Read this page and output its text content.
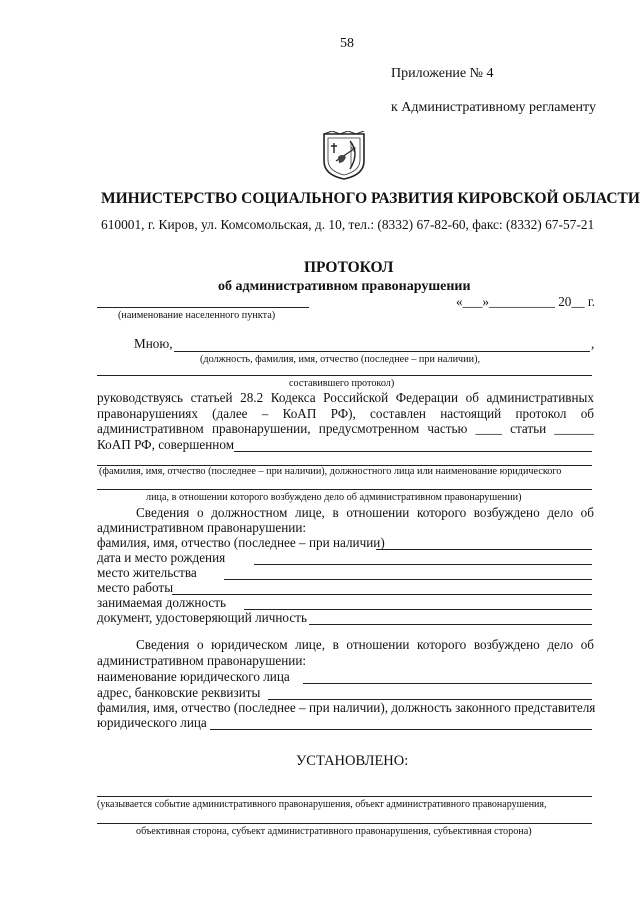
58
Приложение № 4
к Административному регламенту
МИНИСТЕРСТВО СОЦИАЛЬНОГО РАЗВИТИЯ КИРОВСКОЙ ОБЛАСТИ
610001, г. Киров, ул. Комсомольская, д. 10, тел.: (8332) 67-82-60, факс: (8332) 67-57-21
ПРОТОКОЛ
об административном правонарушении
«___»__________ 20__ г.
(наименование населенного пункта)
Мною,	,
(должность, фамилия, имя, отчество (последнее – при наличии),
составившего протокол)
руководствуясь статьей 28.2 Кодекса Российской Федерации об административных
правонарушениях (далее – КоАП РФ), составлен настоящий протокол об
административном правонарушении, предусмотренном частью ____ статьи ______
КоАП РФ, совершенном
(фамилия, имя, отчество (последнее – при наличии), должностного лица или наименование юридического
лица, в отношении которого возбуждено дело об административном правонарушении)
Сведения о должностном лице, в отношении которого возбуждено дело об
административном правонарушении:
фамилия, имя, отчество (последнее – при наличии)
дата и место рождения
место жительства
место работы
занимаемая должность
документ, удостоверяющий личность
Сведения о юридическом лице, в отношении которого возбуждено дело об
административном правонарушении:
наименование юридического лица
адрес, банковские реквизиты
фамилия, имя, отчество (последнее – при наличии), должность законного представителя
юридического лица
УСТАНОВЛЕНО:
(указывается событие административного правонарушения, объект административного правонарушения,
объективная сторона, субъект административного правонарушения, субъективная сторона)
